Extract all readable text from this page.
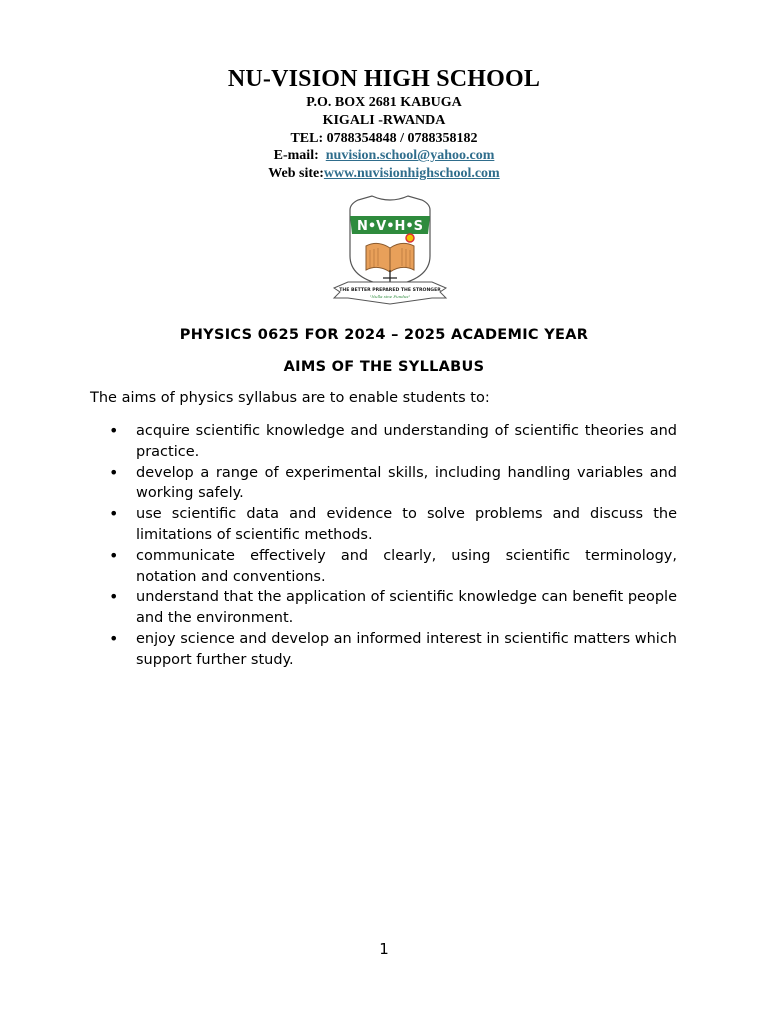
NU-VISION HIGH SCHOOL

P.O. BOX 2681 KABUGA

KIGALI -RWANDA

TEL: 0788354848 / 0788358182

E-mail: nuvision.school@yahoo.com

Web site:www.nuvisionhighschool.com

N•V•H•S
THE BETTER PREPARED THE STRONGER
"Nulla sine Fundus"

PHYSICS 0625 FOR 2024 – 2025 ACADEMIC YEAR

AIMS OF THE SYLLABUS

The aims of physics syllabus are to enable students to:

• acquire scientific knowledge and understanding of scientific theories and practice.
• develop a range of experimental skills, including handling variables and working safely.
• use scientific data and evidence to solve problems and discuss the limitations of scientific methods.
• communicate effectively and clearly, using scientific terminology, notation and conventions.
• understand that the application of scientific knowledge can benefit people and the environment.
• enjoy science and develop an informed interest in scientific matters which support further study.

1
